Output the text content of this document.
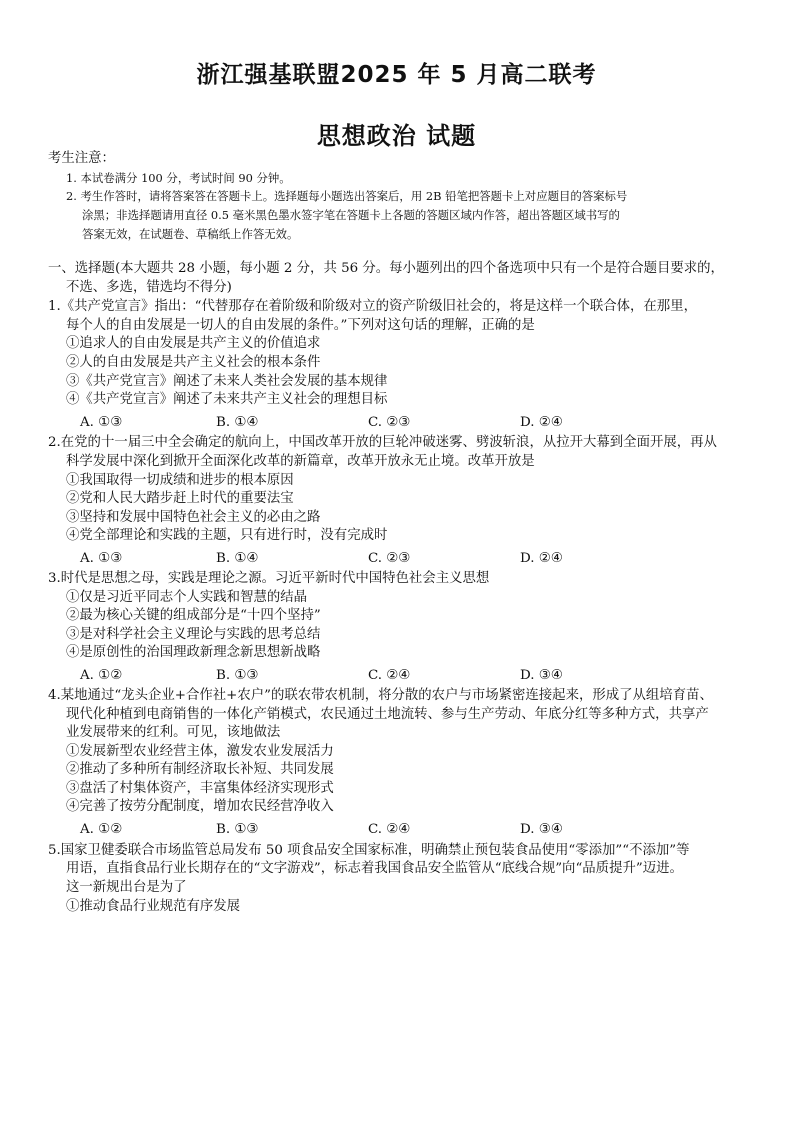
浙江强基联盟2025 年 5 月高二联考
思想政治 试题
考生注意：
1. 本试卷满分 100 分，考试时间 90 分钟。
2. 考生作答时，请将答案答在答题卡上。选择题每小题选出答案后，用 2B 铅笔把答题卡上对应题目的答案标号
涂黑；非选择题请用直径 0.5 毫米黑色墨水签字笔在答题卡上各题的答题区域内作答，超出答题区域书写的
答案无效，在试题卷、草稿纸上作答无效。
一、选择题(本大题共 28 小题，每小题 2 分，共 56 分。每小题列出的四个备选项中只有一个是符合题目要求的，
不选、多选，错选均不得分)
1.《共产党宣言》指出：“代替那存在着阶级和阶级对立的资产阶级旧社会的，将是这样一个联合体，在那里，
每个人的自由发展是一切人的自由发展的条件。”下列对这句话的理解，正确的是
①追求人的自由发展是共产主义的价值追求
②人的自由发展是共产主义社会的根本条件
③《共产党宣言》阐述了未来人类社会发展的基本规律
④《共产党宣言》阐述了未来共产主义社会的理想目标
A. ①③	B. ①④	C. ②③	D. ②④
2.在党的十一届三中全会确定的航向上，中国改革开放的巨轮冲破迷雾、劈波斩浪，从拉开大幕到全面开展，再从
科学发展中深化到掀开全面深化改革的新篇章，改革开放永无止境。改革开放是
①我国取得一切成绩和进步的根本原因
②党和人民大踏步赶上时代的重要法宝
③坚持和发展中国特色社会主义的必由之路
④党全部理论和实践的主题，只有进行时，没有完成时
A. ①③	B. ①④	C. ②③	D. ②④
3.时代是思想之母，实践是理论之源。习近平新时代中国特色社会主义思想
①仅是习近平同志个人实践和智慧的结晶
②最为核心关键的组成部分是“十四个坚持”
③是对科学社会主义理论与实践的思考总结
④是原创性的治国理政新理念新思想新战略
A. ①②	B. ①③	C. ②④	D. ③④
4.某地通过“龙头企业+合作社+农户”的联农带农机制，将分散的农户与市场紧密连接起来，形成了从组培育苗、
现代化种植到电商销售的一体化产销模式，农民通过土地流转、参与生产劳动、年底分红等多种方式，共享产
业发展带来的红利。可见，该地做法
①发展新型农业经营主体，激发农业发展活力
②推动了多种所有制经济取长补短、共同发展
③盘活了村集体资产，丰富集体经济实现形式
④完善了按劳分配制度，增加农民经营净收入
A. ①②	B. ①③	C. ②④	D. ③④
5.国家卫健委联合市场监管总局发布 50 项食品安全国家标准，明确禁止预包装食品使用“零添加”“不添加”等
用语，直指食品行业长期存在的“文字游戏”，标志着我国食品安全监管从“底线合规”向“品质提升”迈进。
这一新规出台是为了
①推动食品行业规范有序发展
